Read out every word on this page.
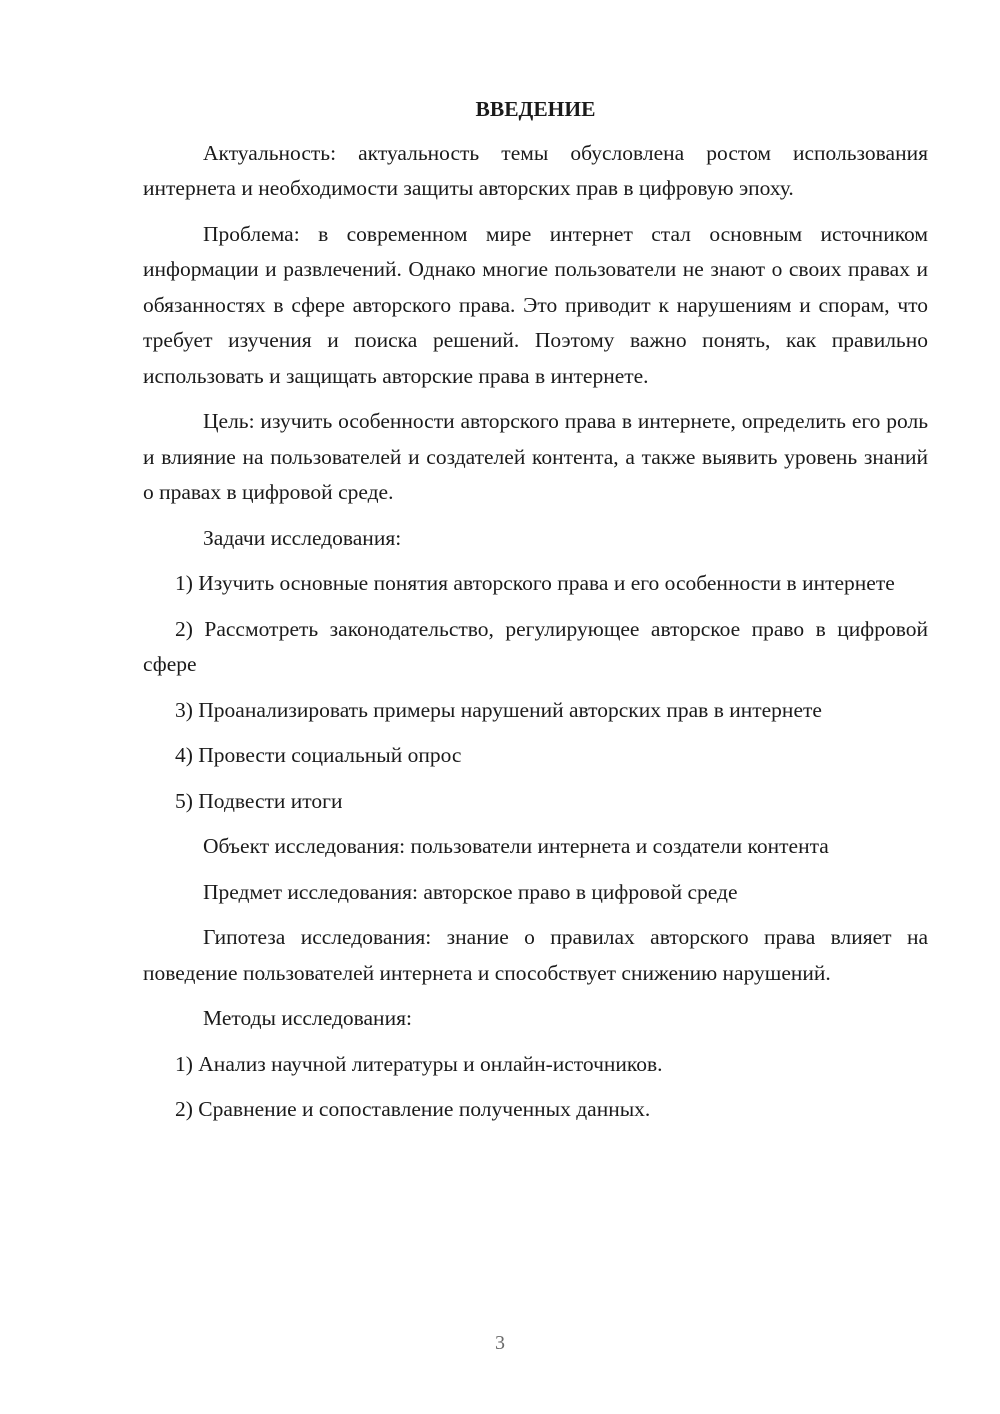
ВВЕДЕНИЕ

Актуальность: актуальность темы обусловлена ростом использования интернета и необходимости защиты авторских прав в цифровую эпоху.

Проблема: в современном мире интернет стал основным источником информации и развлечений. Однако многие пользователи не знают о своих правах и обязанностях в сфере авторского права. Это приводит к нарушениям и спорам, что требует изучения и поиска решений. Поэтому важно понять, как правильно использовать и защищать авторские права в интернете.

Цель: изучить особенности авторского права в интернете, определить его роль и влияние на пользователей и создателей контента, а также выявить уровень знаний о правах в цифровой среде.

Задачи исследования:

1) Изучить основные понятия авторского права и его особенности в интернете

2) Рассмотреть законодательство, регулирующее авторское право в цифровой сфере

3) Проанализировать примеры нарушений авторских прав в интернете

4) Провести социальный опрос

5) Подвести итоги

Объект исследования: пользователи интернета и создатели контента

Предмет исследования: авторское право в цифровой среде

Гипотеза исследования: знание о правилах авторского права влияет на поведение пользователей интернета и способствует снижению нарушений.

Методы исследования:

1) Анализ научной литературы и онлайн-источников.

2) Сравнение и сопоставление полученных данных.

3
